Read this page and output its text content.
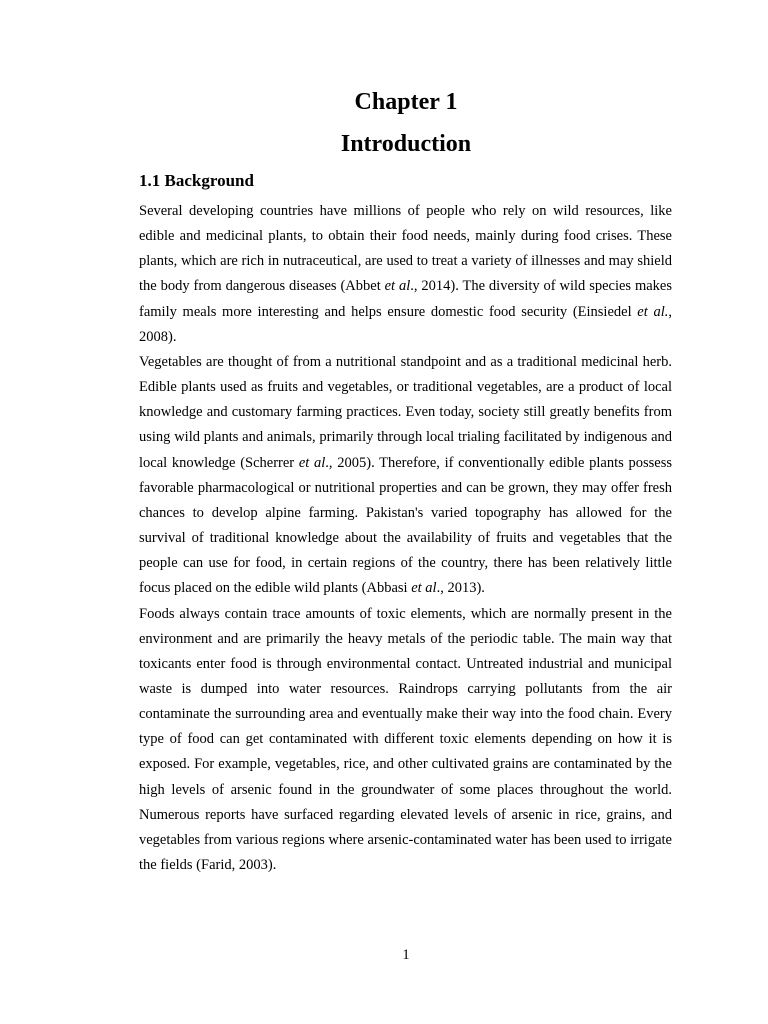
Chapter 1
Introduction
1.1 Background

Several developing countries have millions of people who rely on wild resources, like edible and medicinal plants, to obtain their food needs, mainly during food crises. These plants, which are rich in nutraceutical, are used to treat a variety of illnesses and may shield the body from dangerous diseases (Abbet et al., 2014). The diversity of wild species makes family meals more interesting and helps ensure domestic food security (Einsiedel et al., 2008).

Vegetables are thought of from a nutritional standpoint and as a traditional medicinal herb. Edible plants used as fruits and vegetables, or traditional vegetables, are a product of local knowledge and customary farming practices. Even today, society still greatly benefits from using wild plants and animals, primarily through local trialing facilitated by indigenous and local knowledge (Scherrer et al., 2005). Therefore, if conventionally edible plants possess favorable pharmacological or nutritional properties and can be grown, they may offer fresh chances to develop alpine farming. Pakistan's varied topography has allowed for the survival of traditional knowledge about the availability of fruits and vegetables that the people can use for food, in certain regions of the country, there has been relatively little focus placed on the edible wild plants (Abbasi et al., 2013).

Foods always contain trace amounts of toxic elements, which are normally present in the environment and are primarily the heavy metals of the periodic table. The main way that toxicants enter food is through environmental contact. Untreated industrial and municipal waste is dumped into water resources. Raindrops carrying pollutants from the air contaminate the surrounding area and eventually make their way into the food chain. Every type of food can get contaminated with different toxic elements depending on how it is exposed. For example, vegetables, rice, and other cultivated grains are contaminated by the high levels of arsenic found in the groundwater of some places throughout the world. Numerous reports have surfaced regarding elevated levels of arsenic in rice, grains, and vegetables from various regions where arsenic-contaminated water has been used to irrigate the fields (Farid, 2003).

1
